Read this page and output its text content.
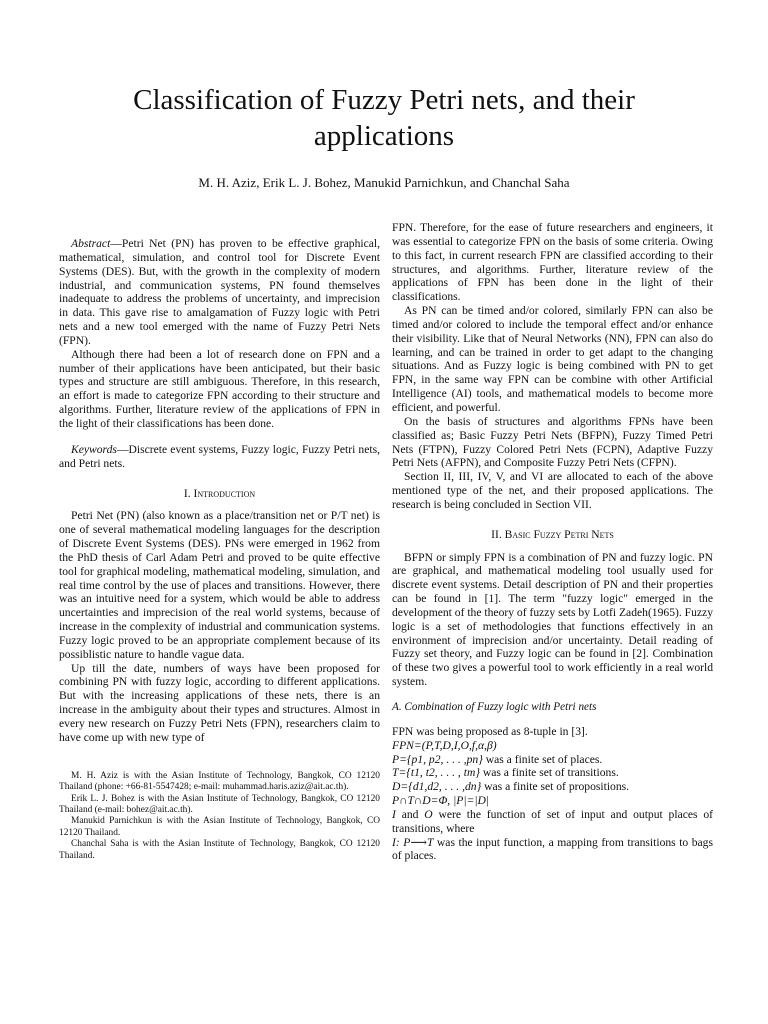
Classification of Fuzzy Petri nets, and their applications
M. H. Aziz, Erik L. J. Bohez, Manukid Parnichkun, and Chanchal Saha

Abstract—Petri Net (PN) has proven to be effective graphical, mathematical, simulation, and control tool for Discrete Event Systems (DES). But, with the growth in the complexity of modern industrial, and communication systems, PN found themselves inadequate to address the problems of uncertainty, and imprecision in data. This gave rise to amalgamation of Fuzzy logic with Petri nets and a new tool emerged with the name of Fuzzy Petri Nets (FPN).

Although there had been a lot of research done on FPN and a number of their applications have been anticipated, but their basic types and structure are still ambiguous. Therefore, in this research, an effort is made to categorize FPN according to their structure and algorithms. Further, literature review of the applications of FPN in the light of their classifications has been done.

Keywords—Discrete event systems, Fuzzy logic, Fuzzy Petri nets, and Petri nets.

I. Introduction

Petri Net (PN) (also known as a place/transition net or P/T net) is one of several mathematical modeling languages for the description of Discrete Event Systems (DES). PNs were emerged in 1962 from the PhD thesis of Carl Adam Petri and proved to be quite effective tool for graphical modeling, mathematical modeling, simulation, and real time control by the use of places and transitions. However, there was an intuitive need for a system, which would be able to address uncertainties and imprecision of the real world systems, because of increase in the complexity of industrial and communication systems. Fuzzy logic proved to be an appropriate complement because of its possiblistic nature to handle vague data.

Up till the date, numbers of ways have been proposed for combining PN with fuzzy logic, according to different applications. But with the increasing applications of these nets, there is an increase in the ambiguity about their types and structures. Almost in every new research on Fuzzy Petri Nets (FPN), researchers claim to have come up with new type of

M. H. Aziz is with the Asian Institute of Technology, Bangkok, CO 12120 Thailand (phone: +66-81-5547428; e-mail: muhammad.haris.aziz@ait.ac.th).

Erik L. J. Bohez is with the Asian Institute of Technology, Bangkok, CO 12120 Thailand (e-mail: bohez@ait.ac.th).

Manukid Parnichkun is with the Asian Institute of Technology, Bangkok, CO 12120 Thailand.

Chanchal Saha is with the Asian Institute of Technology, Bangkok, CO 12120 Thailand.

FPN. Therefore, for the ease of future researchers and engineers, it was essential to categorize FPN on the basis of some criteria. Owing to this fact, in current research FPN are classified according to their structures, and algorithms. Further, literature review of the applications of FPN has been done in the light of their classifications.

As PN can be timed and/or colored, similarly FPN can also be timed and/or colored to include the temporal effect and/or enhance their visibility. Like that of Neural Networks (NN), FPN can also do learning, and can be trained in order to get adapt to the changing situations. And as Fuzzy logic is being combined with PN to get FPN, in the same way FPN can be combine with other Artificial Intelligence (AI) tools, and mathematical models to become more efficient, and powerful.

On the basis of structures and algorithms FPNs have been classified as; Basic Fuzzy Petri Nets (BFPN), Fuzzy Timed Petri Nets (FTPN), Fuzzy Colored Petri Nets (FCPN), Adaptive Fuzzy Petri Nets (AFPN), and Composite Fuzzy Petri Nets (CFPN).

Section II, III, IV, V, and VI are allocated to each of the above mentioned type of the net, and their proposed applications. The research is being concluded in Section VII.

II. Basic Fuzzy Petri Nets

BFPN or simply FPN is a combination of PN and fuzzy logic. PN are graphical, and mathematical modeling tool usually used for discrete event systems. Detail description of PN and their properties can be found in [1]. The term "fuzzy logic" emerged in the development of the theory of fuzzy sets by Lotfi Zadeh(1965). Fuzzy logic is a set of methodologies that functions effectively in an environment of imprecision and/or uncertainty. Detail reading of Fuzzy set theory, and Fuzzy logic can be found in [2]. Combination of these two gives a powerful tool to work efficiently in a real world system.

A. Combination of Fuzzy logic with Petri nets

FPN was being proposed as 8-tuple in [3].

FPN=(P,T,D,I,O,f,α,β)

P={p1, p2, . . . ,pn} was a finite set of places.

T={t1, t2, . . . , tm} was a finite set of transitions.

D={d1,d2, . . . ,dn} was a finite set of propositions.

P∩T∩D=Φ, |P|=|D|

I and O were the function of set of input and output places of transitions, where

I: P⟶T was the input function, a mapping from transitions to bags of places.
